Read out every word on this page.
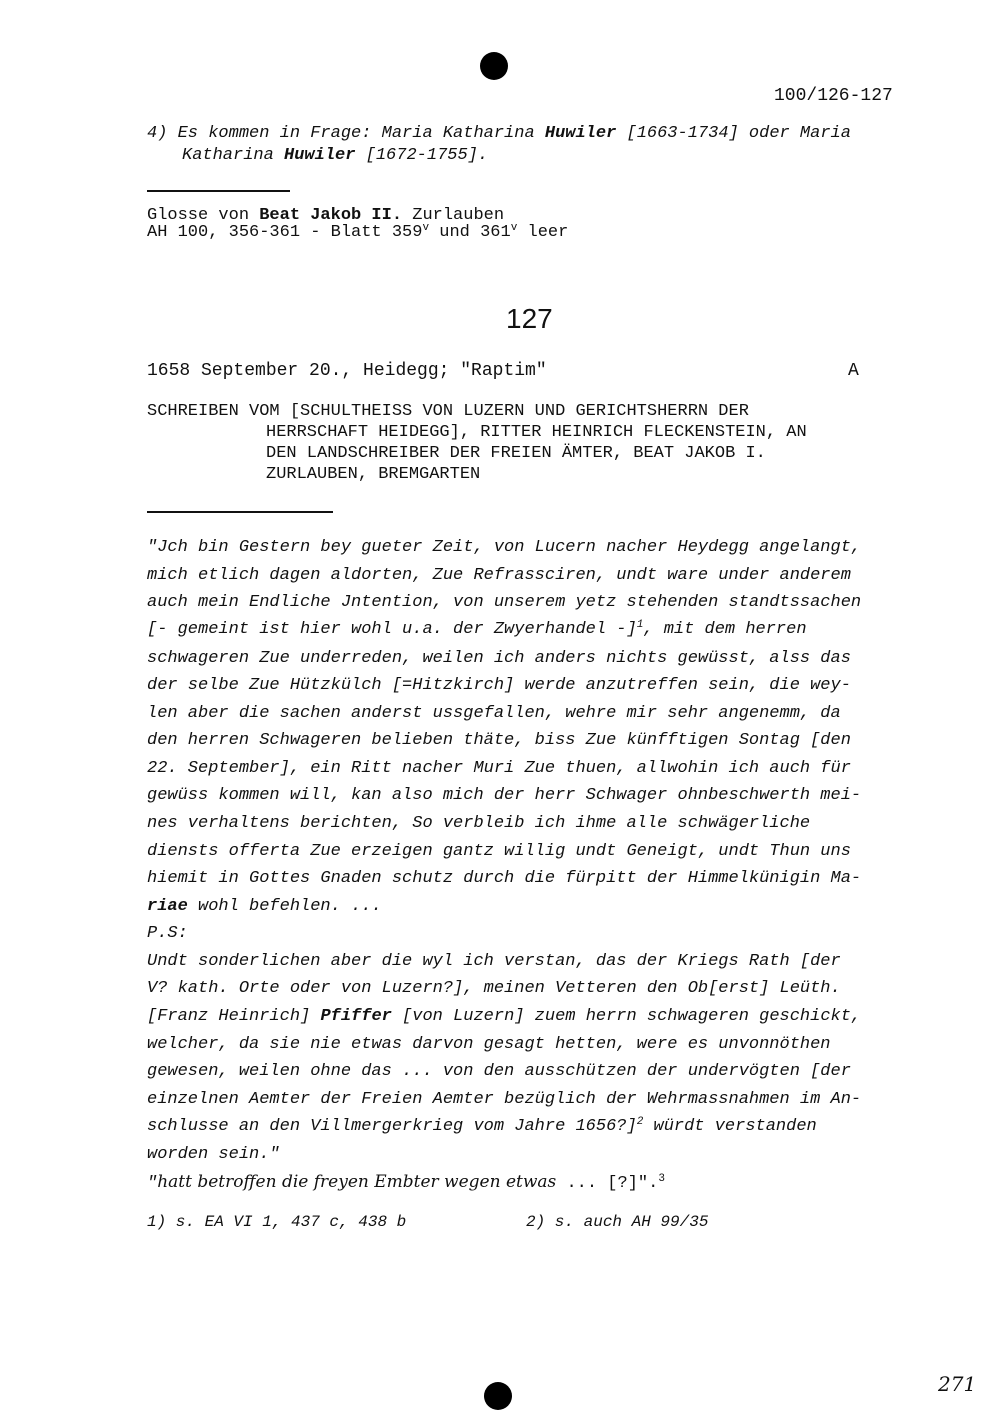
100/126-127
4) Es kommen in Frage: Maria Katharina Huwiler [1663-1734] oder Maria
Katharina Huwiler [1672-1755].
Glosse von Beat Jakob II. Zurlauben
AH 100, 356-361 - Blatt 359$^v$ und 361$^v$ leer
127
1658 September 20., Heidegg; "Raptim"	A
SCHREIBEN VOM [SCHULTHEISS VON LUZERN UND GERICHTSHERRN DER
HERRSCHAFT HEIDEGG], RITTER HEINRICH FLECKENSTEIN, AN
DEN LANDSCHREIBER DER FREIEN ÄMTER, BEAT JAKOB I.
ZURLAUBEN, BREMGARTEN
"Jch bin Gestern bey gueter Zeit, von Lucern nacher Heydegg angelangt,
mich etlich dagen aldorten, Zue Refrassciren, undt ware under anderem
auch mein Endliche Jntention, von unserem yetz stehenden standtssachen
[- gemeint ist hier wohl u.a. der Zwyerhandel -]$^1$, mit dem herren
schwageren Zue underreden, weilen ich anders nichts gewüsst, alss das
der selbe Zue Hützkülch [=Hitzkirch] werde anzutreffen sein, die wey-
len aber die sachen anderst ussgefallen, wehre mir sehr angenemm, da
den herren Schwageren belieben thäte, biss Zue künfftigen Sontag [den
22. September], ein Ritt nacher Muri Zue thuen, allwohin ich auch für
gewüss kommen will, kan also mich der herr Schwager ohnbeschwerth mei-
nes verhaltens berichten, So verbleib ich ihme alle schwägerliche
diensts offerta Zue erzeigen gantz willig undt Geneigt, undt Thun uns
hiemit in Gottes Gnaden schutz durch die fürpitt der Himmelkünigin Ma-
riae wohl befehlen. ...
P.S:
Undt sonderlichen aber die wyl ich verstan, das der Kriegs Rath [der
V? kath. Orte oder von Luzern?], meinen Vetteren den Ob[erst] Leüth.
[Franz Heinrich] Pfiffer [von Luzern] zuem herrn schwageren geschickt,
welcher, da sie nie etwas darvon gesagt hetten, were es unvonnöthen
gewesen, weilen ohne das ... von den ausschützen der undervögten [der
einzelnen Aemter der Freien Aemter bezüglich der Wehrmassnahmen im An-
schlusse an den Villmergerkrieg vom Jahre 1656?]$^2$ würdt verstanden
worden sein."
"hatt betroffen die freyen Embter wegen etwas ... [?]".$^3$
1) s. EA VI 1, 437 c, 438 b	2) s. auch AH 99/35
271
